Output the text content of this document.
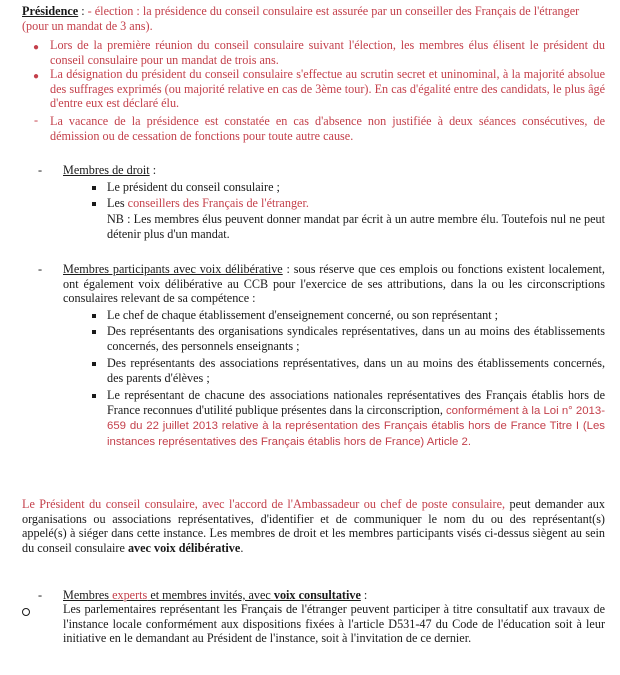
Présidence : - élection : la présidence du conseil consulaire est assurée par un conseiller des Français de l'étranger (pour un mandat de 3 ans).

● Lors de la première réunion du conseil consulaire suivant l'élection, les membres élus élisent le président du conseil consulaire pour un mandat de trois ans.

● La désignation du président du conseil consulaire s'effectue au scrutin secret et uninominal, à la majorité absolue des suffrages exprimés (ou majorité relative en cas de 3ème tour). En cas d'égalité entre des candidats, le plus âgé d'entre eux est déclaré élu.

- La vacance de la présidence est constatée en cas d'absence non justifiée à deux séances consécutives, de démission ou de cessation de fonctions pour toute autre cause.

- Membres de droit :
Le président du conseil consulaire ;
Les conseillers des Français de l'étranger.

NB : Les membres élus peuvent donner mandat par écrit à un autre membre élu. Toutefois nul ne peut détenir plus d'un mandat.

- Membres participants avec voix délibérative : sous réserve que ces emplois ou fonctions existent localement, ont également voix délibérative au CCB pour l'exercice de ses attributions, dans la ou les circonscriptions consulaires relevant de sa compétence :

Le chef de chaque établissement d'enseignement concerné, ou son représentant ;

Des représentants des organisations syndicales représentatives, dans un au moins des établissements concernés, des personnels enseignants ;

Des représentants des associations représentatives, dans un au moins des établissements concernés, des parents d'élèves ;

Le représentant de chacune des associations nationales représentatives des Français établis hors de France reconnues d'utilité publique présentes dans la circonscription, conformément à la Loi n° 2013-659 du 22 juillet 2013 relative à la représentation des Français établis hors de France Titre I (Les instances représentatives des Français établis hors de France) Article 2.

Le Président du conseil consulaire, avec l'accord de l'Ambassadeur ou chef de poste consulaire, peut demander aux organisations ou associations représentatives, d'identifier et de communiquer le nom du ou des représentant(s) appelé(s) à siéger dans cette instance. Les membres de droit et les membres participants visés ci-dessus siègent au sein du conseil consulaire avec voix délibérative.

- Membres experts et membres invités, avec voix consultative :

Les parlementaires représentant les Français de l'étranger peuvent participer à titre consultatif aux travaux de l'instance locale conformément aux dispositions fixées à l'article D531-47 du Code de l'éducation soit à leur initiative en le demandant au Président de l'instance, soit à l'invitation de ce dernier.
